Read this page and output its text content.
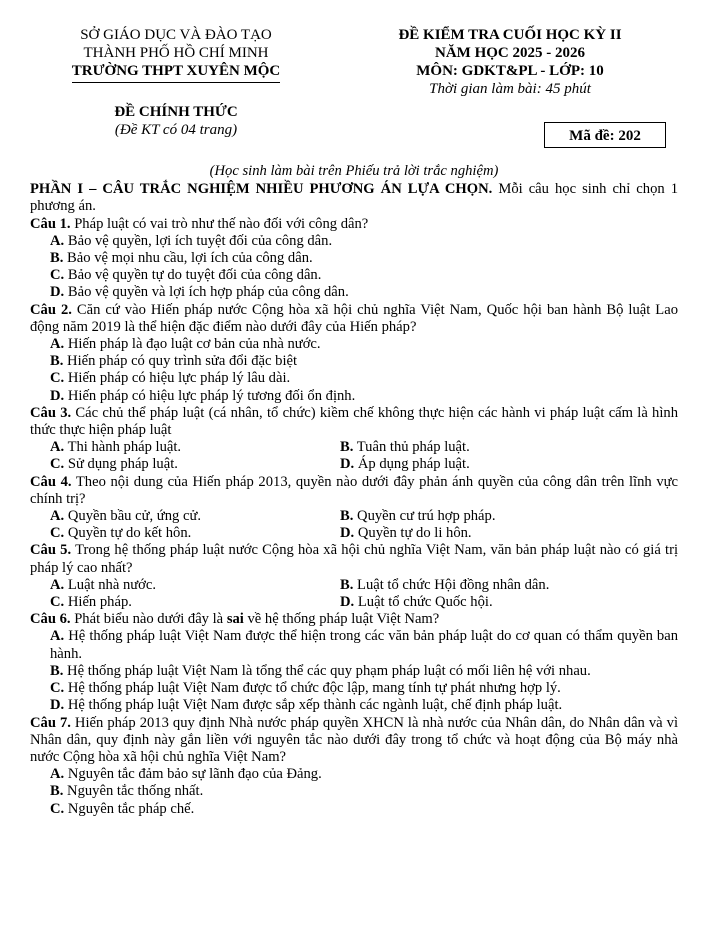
SỞ GIÁO DỤC VÀ ĐÀO TẠO
THÀNH PHỐ HỒ CHÍ MINH
TRƯỜNG THPT XUYÊN MỘC
ĐỀ CHÍNH THỨC
(Đề KT có 04 trang)
ĐỀ KIỂM TRA CUỐI HỌC KỲ II
NĂM HỌC 2025 - 2026
MÔN: GDKT&PL - LỚP: 10
Thời gian làm bài: 45 phút
Mã đề: 202
(Học sinh làm bài trên Phiếu trả lời trắc nghiệm)
PHẦN I – CÂU TRẮC NGHIỆM NHIỀU PHƯƠNG ÁN LỰA CHỌN. Mỗi câu học sinh chỉ chọn 1 phương án.
Câu 1. Pháp luật có vai trò như thế nào đối với công dân?
A. Bảo vệ quyền, lợi ích tuyệt đối của công dân.
B. Bảo vệ mọi nhu cầu, lợi ích của công dân.
C. Bảo vệ quyền tự do tuyệt đối của công dân.
D. Bảo vệ quyền và lợi ích hợp pháp của công dân.
Câu 2. Căn cứ vào Hiến pháp nước Cộng hòa xã hội chủ nghĩa Việt Nam, Quốc hội ban hành Bộ luật Lao động năm 2019 là thể hiện đặc điểm nào dưới đây của Hiến pháp?
A. Hiến pháp là đạo luật cơ bản của nhà nước.
B. Hiến pháp có quy trình sửa đổi đặc biệt
C. Hiến pháp có hiệu lực pháp lý lâu dài.
D. Hiến pháp có hiệu lực pháp lý tương đối ổn định.
Câu 3. Các chủ thể pháp luật (cá nhân, tổ chức) kiềm chế không thực hiện các hành vi pháp luật cấm là hình thức thực hiện pháp luật
A. Thi hành pháp luật.	B. Tuân thủ pháp luật.
C. Sử dụng pháp luật.	D. Áp dụng pháp luật.
Câu 4. Theo nội dung của Hiến pháp 2013, quyền nào dưới đây phản ánh quyền của công dân trên lĩnh vực chính trị?
A. Quyền bầu cử, ứng cử.	B. Quyền cư trú hợp pháp.
C. Quyền tự do kết hôn.	D. Quyền tự do li hôn.
Câu 5. Trong hệ thống pháp luật nước Cộng hòa xã hội chủ nghĩa Việt Nam, văn bản pháp luật nào có giá trị pháp lý cao nhất?
A. Luật nhà nước.	B. Luật tổ chức Hội đồng nhân dân.
C. Hiến pháp.	D. Luật tổ chức Quốc hội.
Câu 6. Phát biểu nào dưới đây là sai về hệ thống pháp luật Việt Nam?
A. Hệ thống pháp luật Việt Nam được thể hiện trong các văn bản pháp luật do cơ quan có thẩm quyền ban hành.
B. Hệ thống pháp luật Việt Nam là tổng thể các quy phạm pháp luật có mối liên hệ với nhau.
C. Hệ thống pháp luật Việt Nam được tổ chức độc lập, mang tính tự phát nhưng hợp lý.
D. Hệ thống pháp luật Việt Nam được sắp xếp thành các ngành luật, chế định pháp luật.
Câu 7. Hiến pháp 2013 quy định Nhà nước pháp quyền XHCN là nhà nước của Nhân dân, do Nhân dân và vì Nhân dân, quy định này gắn liền với nguyên tắc nào dưới đây trong tổ chức và hoạt động của Bộ máy nhà nước Cộng hòa xã hội chủ nghĩa Việt Nam?
A. Nguyên tắc đảm bảo sự lãnh đạo của Đảng.
B. Nguyên tắc thống nhất.
C. Nguyên tắc pháp chế.
